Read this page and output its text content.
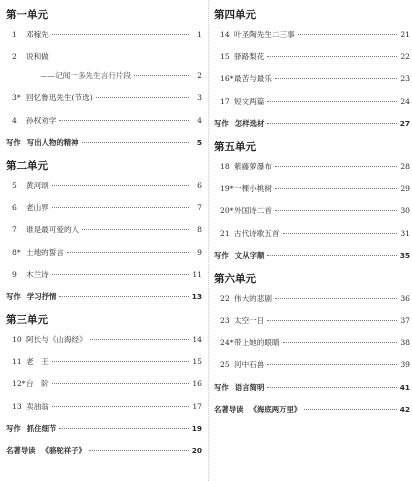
第一单元
1	邓稼先	1
2	说和做
——记闻一多先生言行片段	2
3* 回忆鲁迅先生(节选)	3
4	孙权劝学	4
写作 写出人物的精神	5
第二单元
5	黄河颂	6
6	老山界	7
7	谁是最可爱的人	8
8* 土地的誓言	9
9	木兰诗	11
写作 学习抒情	13
第三单元
10 阿长与《山海经》	14
11 老　王	15
12* 台　阶	16
13 卖油翁	17
写作 抓住细节	19
名著导读 《骆驼祥子》	20
第四单元
14 叶圣陶先生二三事	21
15 驿路梨花	22
16* 最苦与最乐	23
17 短文两篇	24
写作 怎样选材	27
第五单元
18 紫藤萝瀑布	28
19* 一棵小桃树	29
20* 外国诗二首	30
21 古代诗歌五首	31
写作 文从字顺	35
第六单元
22 伟大的悲剧	36
23 太空一日	37
24* 带上她的眼睛	38
25 河中石兽	39
写作 语言简明	41
名著导读 《海底两万里》	42
